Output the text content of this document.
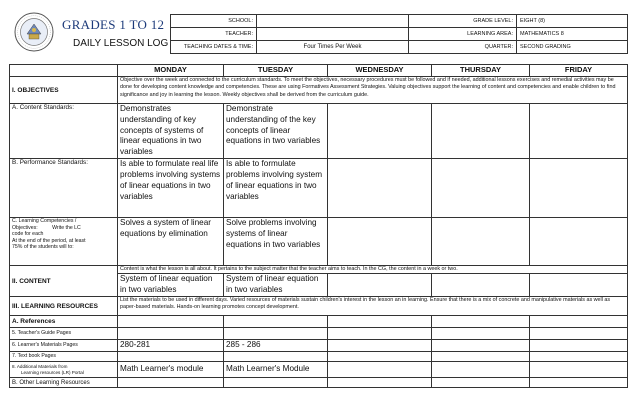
GRADES 1 TO 12
DAILY LESSON LOG
SCHOOL:		GRADE LEVEL:	EIGHT (8)
TEACHER:		LEARNING AREA:	MATHEMATICS 8
TEACHING DATES & TIME:	Four Times Per Week	QUARTER:	SECOND GRADING
	MONDAY	TUESDAY	WEDNESDAY	THURSDAY	FRIDAY
I. OBJECTIVES	Objective over the week and connected to the curriculum standards. To meet the objectives, necessary procedures must be followed and if needed, additional lessons exercises and remedial activities may be done for developing content knowledge and competencies. These are using Formatives Assessment Strategies. Valuing objectives support the learning of content and competencies and enable children to find significance and joy in learning the lesson. Weekly objectives shall be derived from the curriculum guide.				
A. Content Standards:	Demonstrates understanding of key concepts of systems of linear equations in two variables	Demonstrate understanding of the key concepts of linear equations in two variables			
B. Performance Standards:	Is able to formulate real life problems involving systems of linear equations in two variables	Is able to formulate problems involving system of linear equations in two variables			

C. Learning Competencies /
Objectives:          Write the LC
code for each
At the end of the period, at least
75% of the students will to:	Solves a system of linear equations by elimination	Solve problems involving systems of linear equations in two variables			
II. CONTENT	Content is what the lesson is all about. It pertains to the subject matter that the teacher aims to teach. In the CG, the content in a week or two.				
	System of linear equation in two variables	System of linear equation in two variables			
III. LEARNING RESOURCES	List the materials to be used in different days. Varied resources of materials sustain children's interest in the lesson an in learning. Ensure that there is a mix of concrete and manipulative materials as well as paper-based materials. Hands-on learning promotes concept development.				
A. References					
5. Teacher's Guide Pages					
6. Learner's Materials Pages	280-281	285 - 286			
7. Text book Pages					

8. Additional Materials from
Learning resources (LR) Portal	Math Learner's module	Math Learner's Module			
B. Other Learning Resources					
